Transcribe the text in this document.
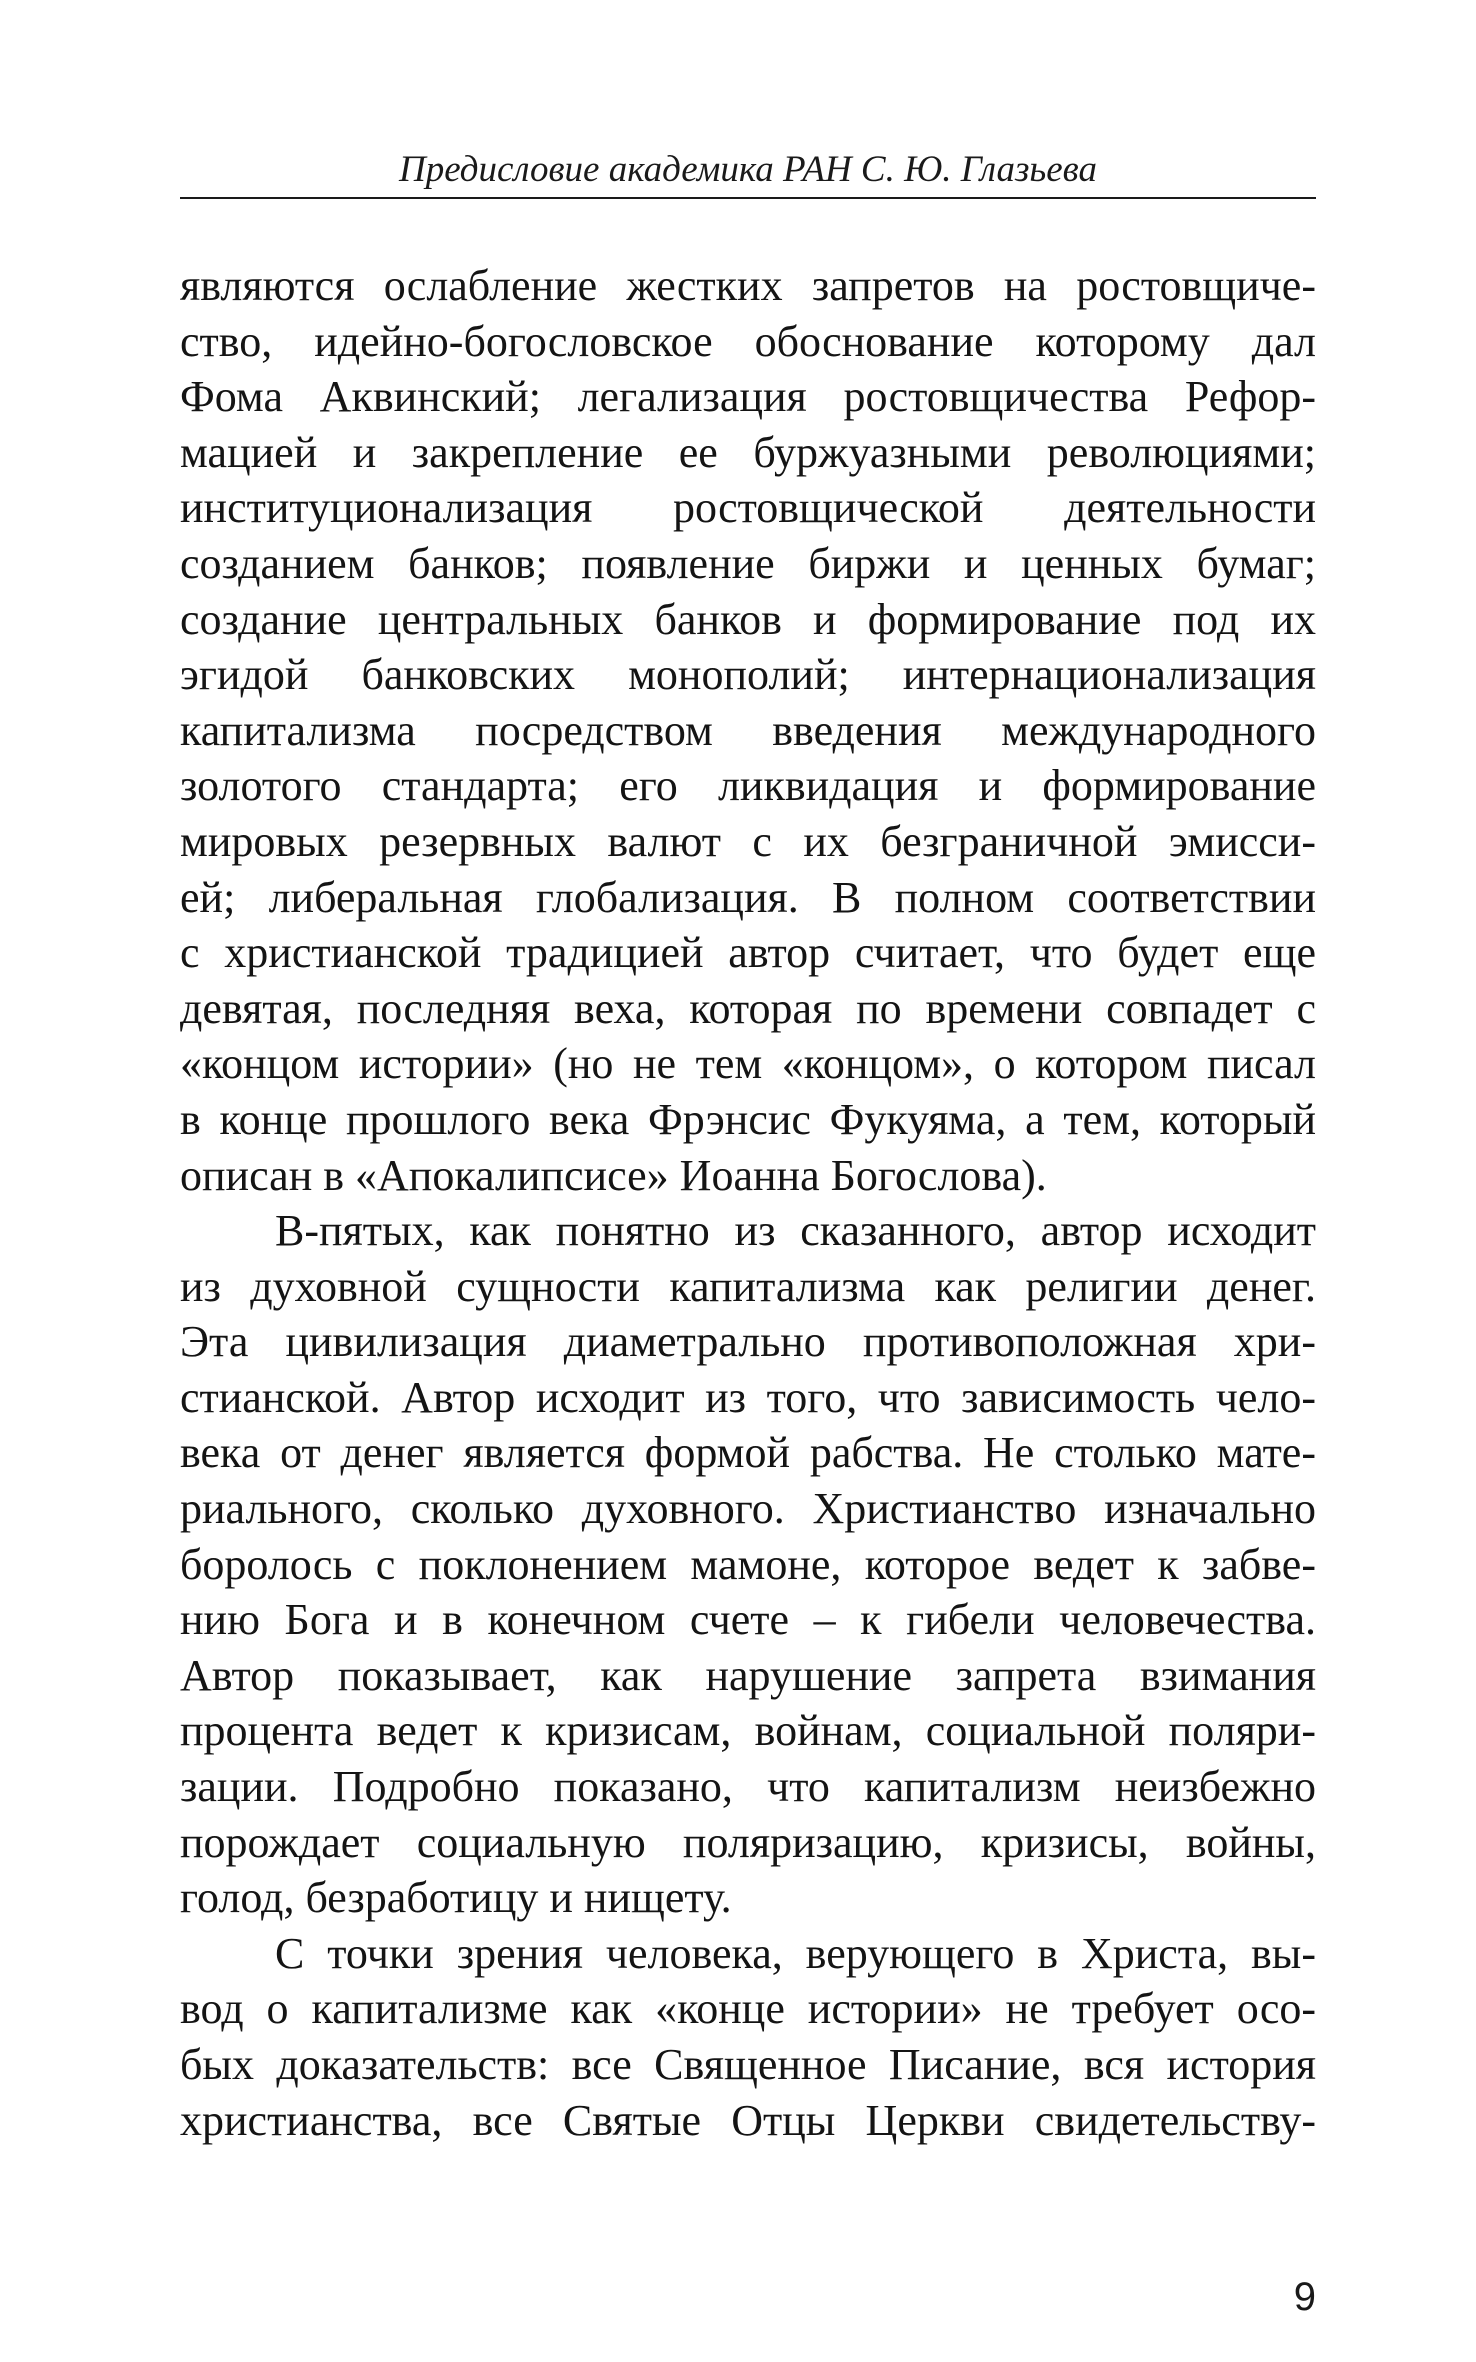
Предисловие академика РАН С. Ю. Глазьева
являются ослабление жестких запретов на ростовщиче-
ство, идейно-богословское обоснование которому дал
Фома Аквинский; легализация ростовщичества Рефор-
мацией и закрепление ее буржуазными революциями;
институционализация ростовщической деятельности
созданием банков; появление биржи и ценных бумаг;
создание центральных банков и формирование под их
эгидой банковских монополий; интернационализация
капитализма посредством введения международного
золотого стандарта; его ликвидация и формирование
мировых резервных валют с их безграничной эмисси-
ей; либеральная глобализация. В полном соответствии
с христианской традицией автор считает, что будет еще
девятая, последняя веха, которая по времени совпадет с
«концом истории» (но не тем «концом», о котором писал
в конце прошлого века Фрэнсис Фукуяма, а тем, который
описан в «Апокалипсисе» Иоанна Богослова).
В-пятых, как понятно из сказанного, автор исходит
из духовной сущности капитализма как религии денег.
Эта цивилизация диаметрально противоположная хри-
стианской. Автор исходит из того, что зависимость чело-
века от денег является формой рабства. Не столько мате-
риального, сколько духовного. Христианство изначально
боролось с поклонением мамоне, которое ведет к забве-
нию Бога и в конечном счете – к гибели человечества.
Автор показывает, как нарушение запрета взимания
процента ведет к кризисам, войнам, социальной поляри-
зации. Подробно показано, что капитализм неизбежно
порождает социальную поляризацию, кризисы, войны,
голод, безработицу и нищету.
С точки зрения человека, верующего в Христа, вы-
вод о капитализме как «конце истории» не требует осо-
бых доказательств: все Священное Писание, вся история
христианства, все Святые Отцы Церкви свидетельству-
9
